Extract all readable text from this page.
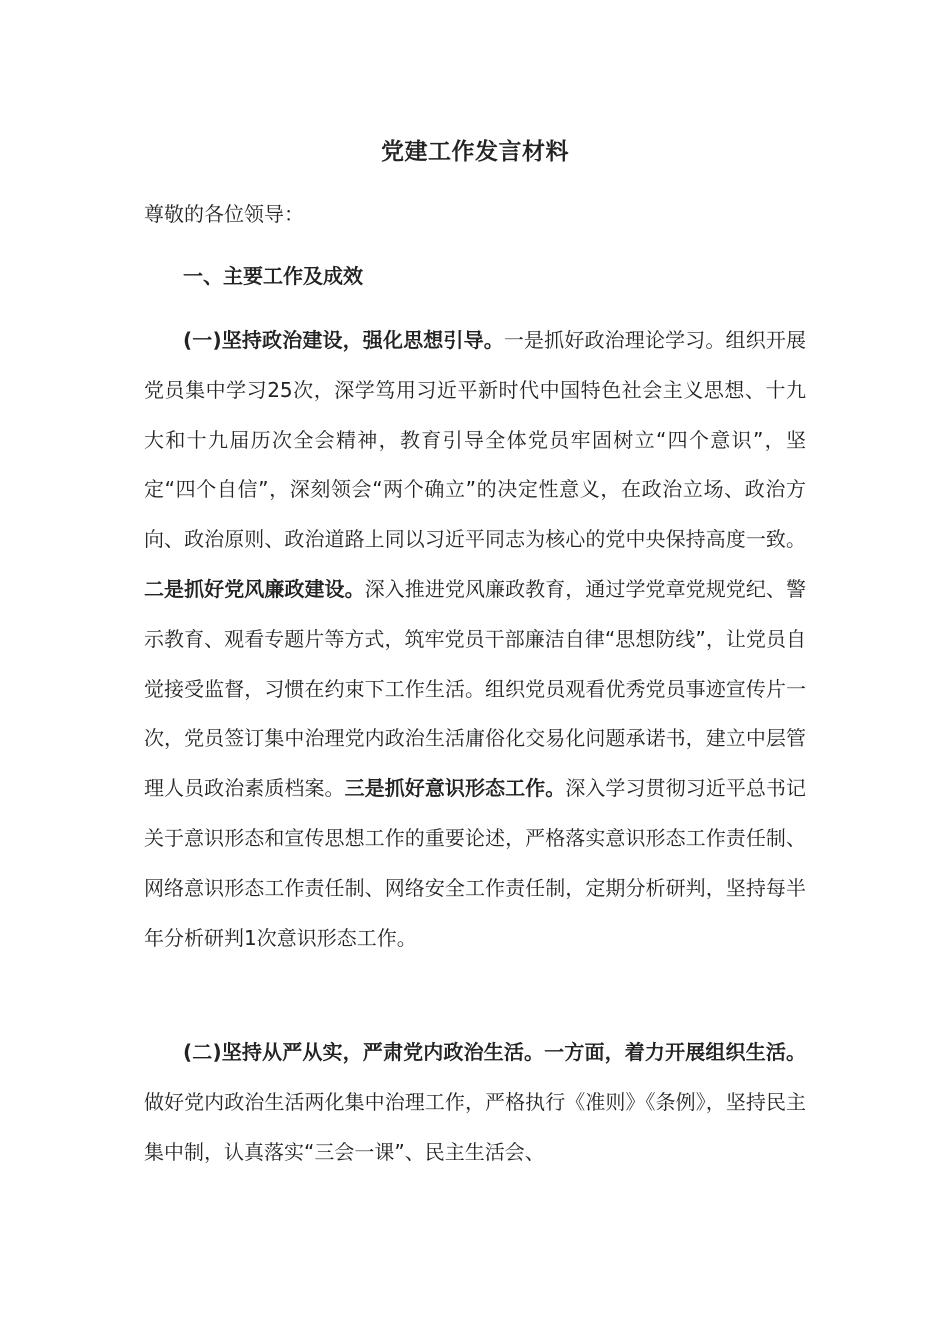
党建工作发言材料
尊敬的各位领导：
一、主要工作及成效

(一)坚持政治建设，强化思想引导。一是抓好政治理论学习。组织开展党员集中学习25次，深学笃用习近平新时代中国特色社会主义思想、十九大和十九届历次全会精神，教育引导全体党员牢固树立“四个意识”，坚定“四个自信”，深刻领会“两个确立”的决定性意义，在政治立场、政治方向、政治原则、政治道路上同以习近平同志为核心的党中央保持高度一致。二是抓好党风廉政建设。深入推进党风廉政教育，通过学党章党规党纪、警示教育、观看专题片等方式，筑牢党员干部廉洁自律“思想防线”，让党员自觉接受监督，习惯在约束下工作生活。组织党员观看优秀党员事迹宣传片一次，党员签订集中治理党内政治生活庸俗化交易化问题承诺书，建立中层管理人员政治素质档案。三是抓好意识形态工作。深入学习贯彻习近平总书记关于意识形态和宣传思想工作的重要论述，严格落实意识形态工作责任制、网络意识形态工作责任制、网络安全工作责任制，定期分析研判，坚持每半年分析研判1次意识形态工作。

(二)坚持从严从实，严肃党内政治生活。一方面，着力开展组织生活。做好党内政治生活两化集中治理工作，严格执行《准则》《条例》，坚持民主集中制，认真落实“三会一课”、民主生活会、
